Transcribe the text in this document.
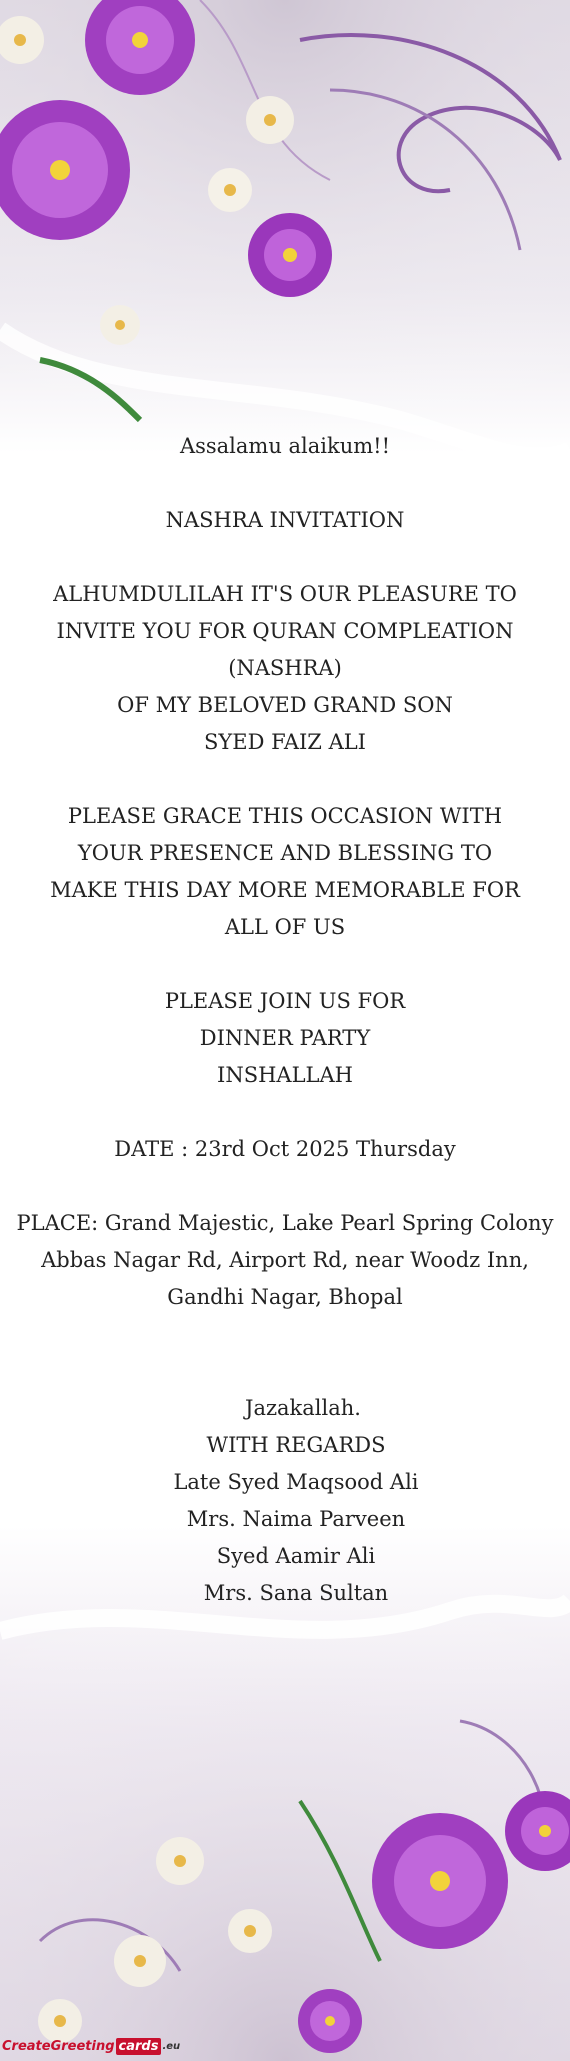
Assalamu alaikum!!
NASHRA INVITATION
ALHUMDULILAH IT'S OUR PLEASURE TO
INVITE YOU FOR QURAN COMPLEATION
(NASHRA)
OF MY BELOVED GRAND SON
SYED FAIZ ALI
PLEASE GRACE THIS OCCASION WITH
YOUR PRESENCE AND BLESSING TO
MAKE THIS DAY MORE MEMORABLE FOR
ALL OF US
PLEASE JOIN US FOR
DINNER PARTY
INSHALLAH
DATE : 23rd Oct 2025 Thursday
PLACE: Grand Majestic, Lake Pearl Spring Colony
Abbas Nagar Rd, Airport Rd, near Woodz Inn,
Gandhi Nagar, Bhopal
Jazakallah.
WITH REGARDS
Late Syed Maqsood Ali
Mrs. Naima Parveen
Syed Aamir Ali
Mrs. Sana Sultan
CreateGreeting cards .eu
